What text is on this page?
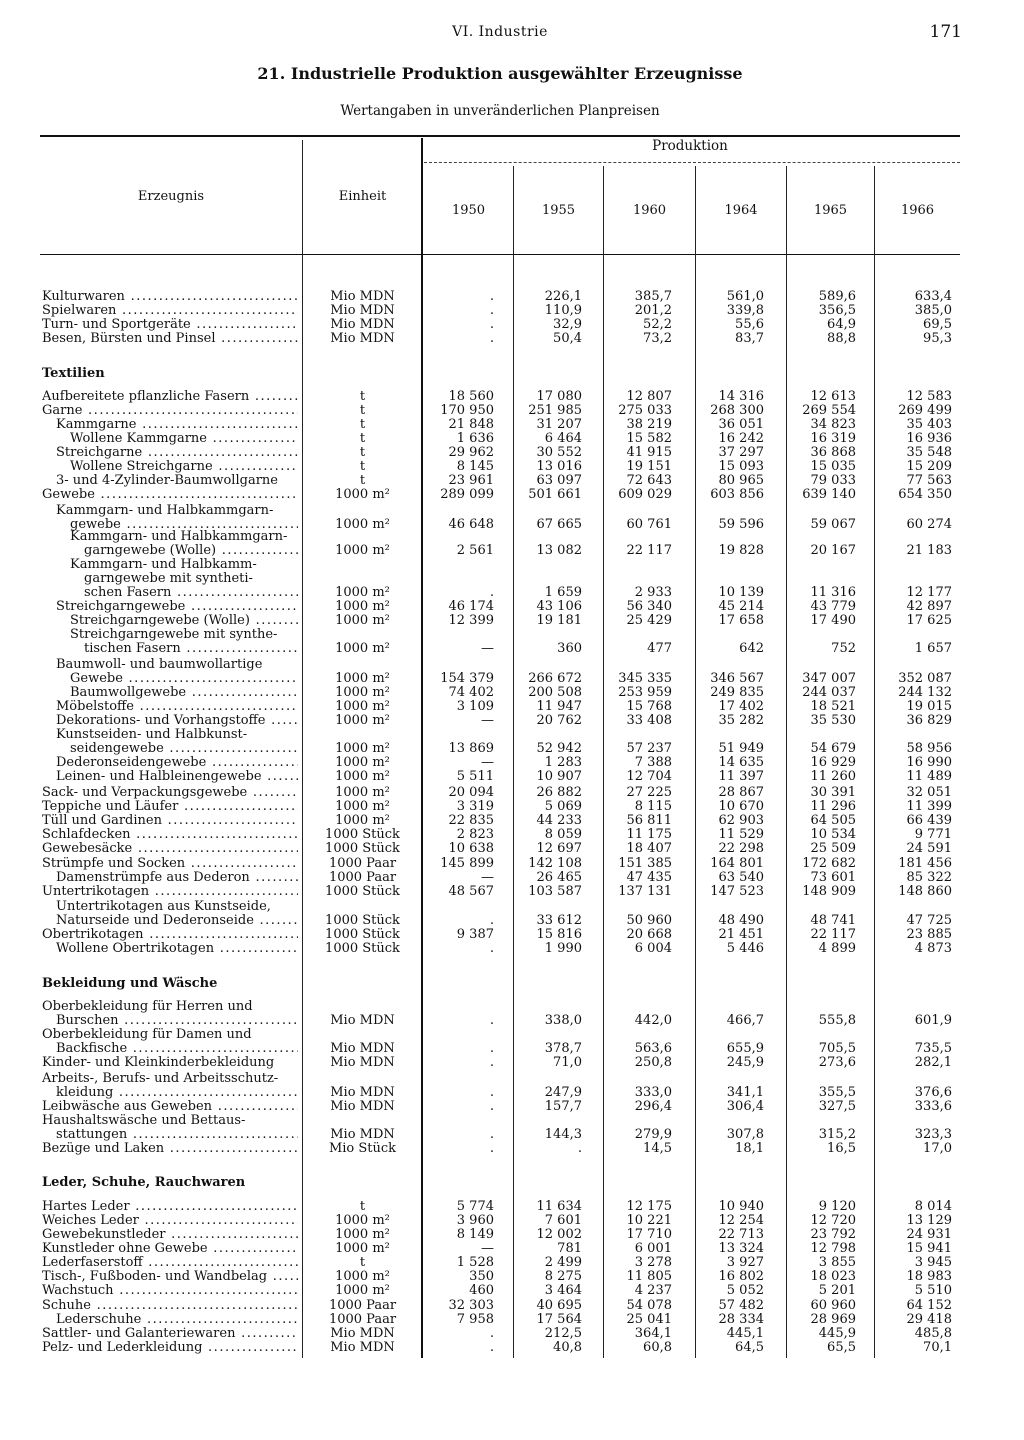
VI. Industrie	171
21. Industrielle Produktion ausgewählter Erzeugnisse
Wertangaben in unveränderlichen Planpreisen
Produktion
Erzeugnis	Einheit
1950	1955	1960	1964	1965	1966
Kulturwaren .....	Mio MDN	.	226,1	385,7	561,0	589,6	633,4
Spielwaren .....	Mio MDN	.	110,9	201,2	339,8	356,5	385,0
Turn- und Sportgeräte .....	Mio MDN	.	32,9	52,2	55,6	64,9	69,5
Besen, Bürsten und Pinsel .....	Mio MDN	.	50,4	73,2	83,7	88,8	95,3
Textilien
Aufbereitete pflanzliche Fasern .....	t	18 560	17 080	12 807	14 316	12 613	12 583
Garne .....	t	170 950	251 985	275 033	268 300	269 554	269 499
Kammgarne .....	t	21 848	31 207	38 219	36 051	34 823	35 403
Wollene Kammgarne .....	t	1 636	6 464	15 582	16 242	16 319	16 936
Streichgarne .....	t	29 962	30 552	41 915	37 297	36 868	35 548
Wollene Streichgarne .....	t	8 145	13 016	19 151	15 093	15 035	15 209
3- und 4-Zylinder-Baumwollgarne	t	23 961	63 097	72 643	80 965	79 033	77 563
Gewebe .....	1000 m²	289 099	501 661	609 029	603 856	639 140	654 350
Kammgarn- und Halbkammgarn-
gewebe .....	1000 m²	46 648	67 665	60 761	59 596	59 067	60 274
Kammgarn- und Halbkammgarn-
garngewebe (Wolle) .....	1000 m²	2 561	13 082	22 117	19 828	20 167	21 183
Kammgarn- und Halbkamm-
garngewebe mit syntheti-
schen Fasern .....	1000 m²	.	1 659	2 933	10 139	11 316	12 177
Streichgarngewebe .....	1000 m²	46 174	43 106	56 340	45 214	43 779	42 897
Streichgarngewebe (Wolle) .....	1000 m²	12 399	19 181	25 429	17 658	17 490	17 625
Streichgarngewebe mit synthe-
tischen Fasern .....	1000 m²	—	360	477	642	752	1 657
Baumwoll- und baumwollartige
Gewebe .....	1000 m²	154 379	266 672	345 335	346 567	347 007	352 087
Baumwollgewebe .....	1000 m²	74 402	200 508	253 959	249 835	244 037	244 132
Möbelstoffe .....	1000 m²	3 109	11 947	15 768	17 402	18 521	19 015
Dekorations- und Vorhangstoffe .....	1000 m²	—	20 762	33 408	35 282	35 530	36 829
Kunstseiden- und Halbkunst-
seidengewebe .....	1000 m²	13 869	52 942	57 237	51 949	54 679	58 956
Dederonseidengewebe .....	1000 m²	—	1 283	7 388	14 635	16 929	16 990
Leinen- und Halbleinengewebe .....	1000 m²	5 511	10 907	12 704	11 397	11 260	11 489
Sack- und Verpackungsgewebe .....	1000 m²	20 094	26 882	27 225	28 867	30 391	32 051
Teppiche und Läufer .....	1000 m²	3 319	5 069	8 115	10 670	11 296	11 399
Tüll und Gardinen .....	1000 m²	22 835	44 233	56 811	62 903	64 505	66 439
Schlafdecken .....	1000 Stück	2 823	8 059	11 175	11 529	10 534	9 771
Gewebesäcke .....	1000 Stück	10 638	12 697	18 407	22 298	25 509	24 591
Strümpfe und Socken .....	1000 Paar	145 899	142 108	151 385	164 801	172 682	181 456
Damenstrümpfe aus Dederon .....	1000 Paar	—	26 465	47 435	63 540	73 601	85 322
Untertrikotagen .....	1000 Stück	48 567	103 587	137 131	147 523	148 909	148 860
Untertrikotagen aus Kunstseide,
Naturseide und Dederonseide .....	1000 Stück	.	33 612	50 960	48 490	48 741	47 725
Obertrikotagen .....	1000 Stück	9 387	15 816	20 668	21 451	22 117	23 885
Wollene Obertrikotagen .....	1000 Stück	.	1 990	6 004	5 446	4 899	4 873
Bekleidung und Wäsche
Oberbekleidung für Herren und
Burschen .....	Mio MDN	.	338,0	442,0	466,7	555,8	601,9
Oberbekleidung für Damen und
Backfische .....	Mio MDN	.	378,7	563,6	655,9	705,5	735,5
Kinder- und Kleinkinderbekleidung	Mio MDN	.	71,0	250,8	245,9	273,6	282,1
Arbeits-, Berufs- und Arbeitsschutz-
kleidung .....	Mio MDN	.	247,9	333,0	341,1	355,5	376,6
Leibwäsche aus Geweben .....	Mio MDN	.	157,7	296,4	306,4	327,5	333,6
Haushaltswäsche und Bettaus-
stattungen .....	Mio MDN	.	144,3	279,9	307,8	315,2	323,3
Bezüge und Laken .....	Mio Stück	.	.	14,5	18,1	16,5	17,0
Leder, Schuhe, Rauchwaren
Hartes Leder .....	t	5 774	11 634	12 175	10 940	9 120	8 014
Weiches Leder .....	1000 m²	3 960	7 601	10 221	12 254	12 720	13 129
Gewebekunstleder .....	1000 m²	8 149	12 002	17 710	22 713	23 792	24 931
Kunstleder ohne Gewebe .....	1000 m²	—	781	6 001	13 324	12 798	15 941
Lederfaserstoff .....	t	1 528	2 499	3 278	3 927	3 855	3 945
Tisch-, Fußboden- und Wandbelag .....	1000 m²	350	8 275	11 805	16 802	18 023	18 983
Wachstuch .....	1000 m²	460	3 464	4 237	5 052	5 201	5 510
Schuhe .....	1000 Paar	32 303	40 695	54 078	57 482	60 960	64 152
Lederschuhe .....	1000 Paar	7 958	17 564	25 041	28 334	28 969	29 418
Sattler- und Galanteriewaren .....	Mio MDN	.	212,5	364,1	445,1	445,9	485,8
Pelz- und Lederkleidung .....	Mio MDN	.	40,8	60,8	64,5	65,5	70,1
